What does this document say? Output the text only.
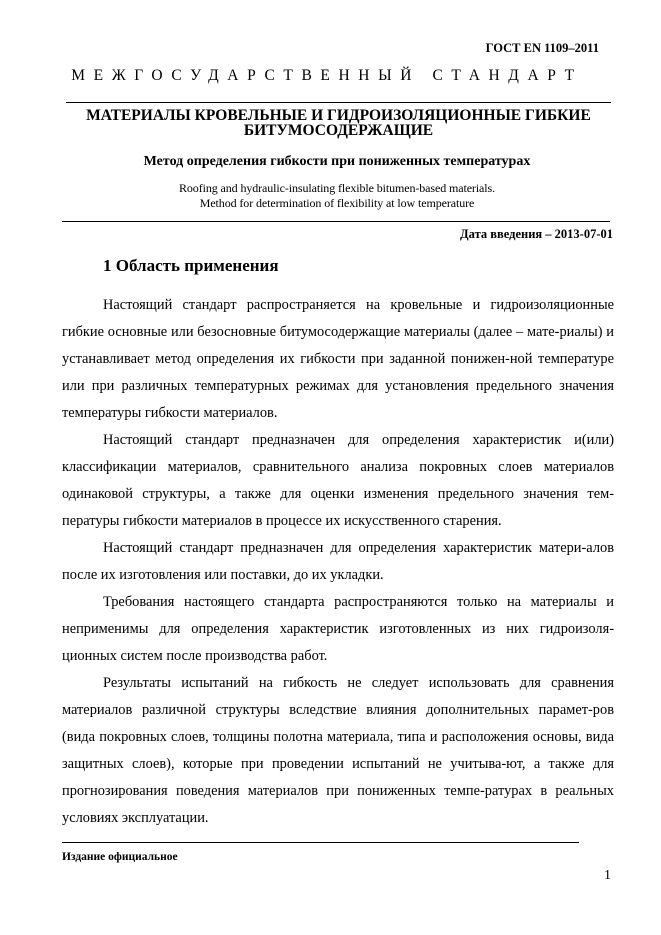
ГОСТ EN 1109–2011
МЕЖГОСУДАРСТВЕННЫЙ СТАНДАРТ
МАТЕРИАЛЫ КРОВЕЛЬНЫЕ И ГИДРОИЗОЛЯЦИОННЫЕ ГИБКИЕ
БИТУМОСОДЕРЖАЩИЕ
Метод определения гибкости при пониженных температурах
Roofing and hydraulic-insulating flexible bitumen-based materials.
Method for determination of flexibility at low temperature
Дата введения – 2013-07-01
1 Область применения

Настоящий стандарт распространяется на кровельные и гидроизоляционные гибкие основные или безосновные битумосодержащие материалы (далее – мате-риалы) и устанавливает метод определения их гибкости при заданной понижен-ной температуре или при различных температурных режимах для установления предельного значения температуры гибкости материалов.

Настоящий стандарт предназначен для определения характеристик и(или) классификации материалов, сравнительного анализа покровных слоев материалов одинаковой структуры, а также для оценки изменения предельного значения тем-пературы гибкости материалов в процессе их искусственного старения.

Настоящий стандарт предназначен для определения характеристик матери-алов после их изготовления или поставки, до их укладки.

Требования настоящего стандарта распространяются только на материалы и неприменимы для определения характеристик изготовленных из них гидроизоля-ционных систем после производства работ.

Результаты испытаний на гибкость не следует использовать для сравнения материалов различной структуры вследствие влияния дополнительных парамет-ров (вида покровных слоев, толщины полотна материала, типа и расположения основы, вида защитных слоев), которые при проведении испытаний не учитыва-ют, а также для прогнозирования поведения материалов при пониженных темпе-ратурах в реальных условиях эксплуатации.

Издание официальное
1
